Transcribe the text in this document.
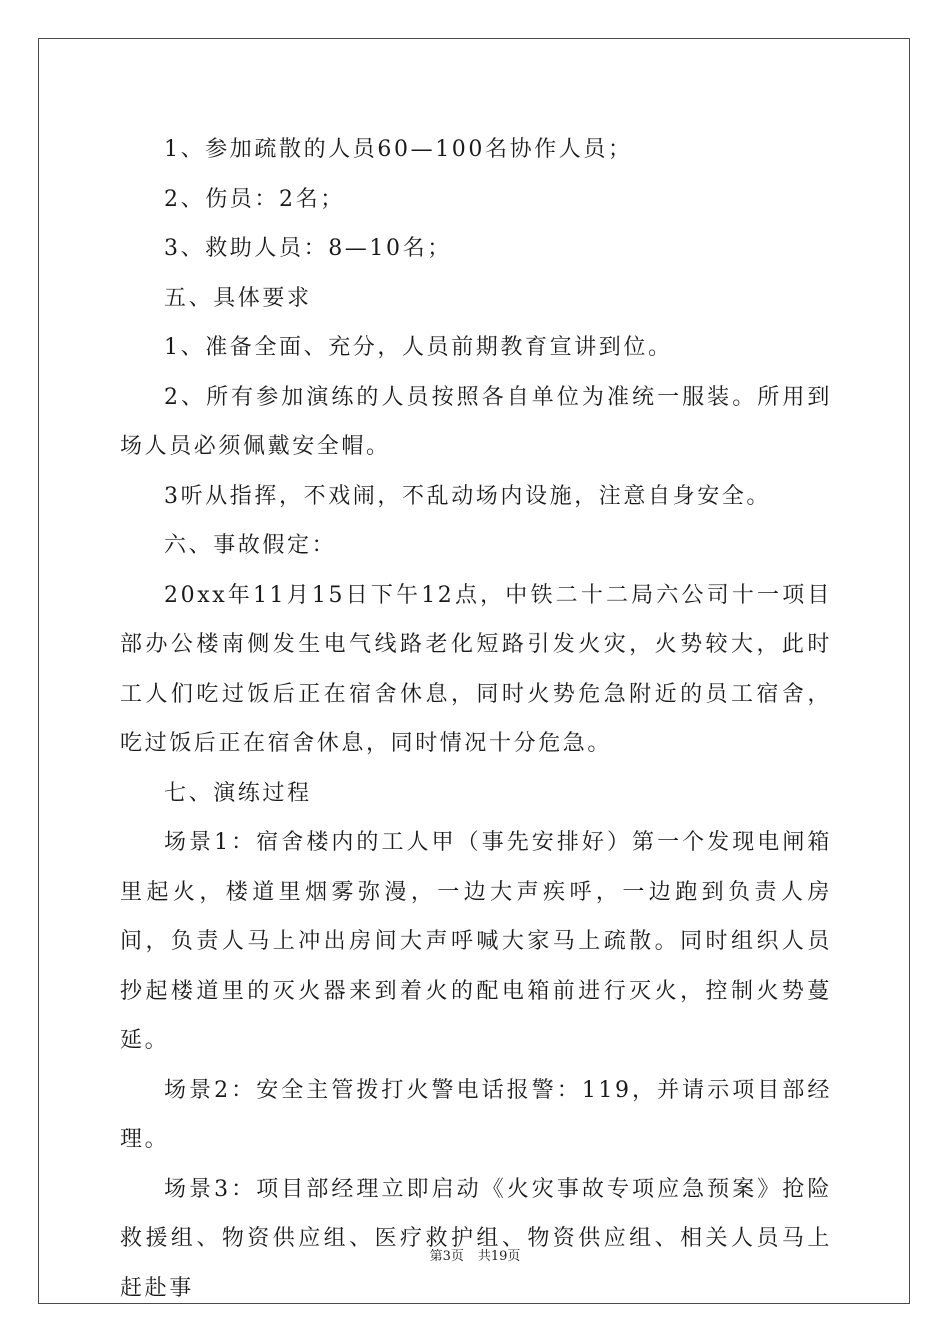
1、参加疏散的人员60—100名协作人员；

2、伤员：2名；

3、救助人员：8—10名；

五、具体要求

1、准备全面、充分，人员前期教育宣讲到位。

2、所有参加演练的人员按照各自单位为准统一服装。所用到场人员必须佩戴安全帽。

3听从指挥，不戏闹，不乱动场内设施，注意自身安全。

六、事故假定：

20xx年11月15日下午12点，中铁二十二局六公司十一项目部办公楼南侧发生电气线路老化短路引发火灾，火势较大，此时工人们吃过饭后正在宿舍休息，同时火势危急附近的员工宿舍，吃过饭后正在宿舍休息，同时情况十分危急。

七、演练过程

场景1：宿舍楼内的工人甲（事先安排好）第一个发现电闸箱里起火，楼道里烟雾弥漫，一边大声疾呼，一边跑到负责人房间，负责人马上冲出房间大声呼喊大家马上疏散。同时组织人员抄起楼道里的灭火器来到着火的配电箱前进行灭火，控制火势蔓延。

场景2：安全主管拨打火警电话报警：119，并请示项目部经理。

场景3：项目部经理立即启动《火灾事故专项应急预案》抢险救援组、物资供应组、医疗救护组、物资供应组、相关人员马上赶赴事

第3页 共19页
